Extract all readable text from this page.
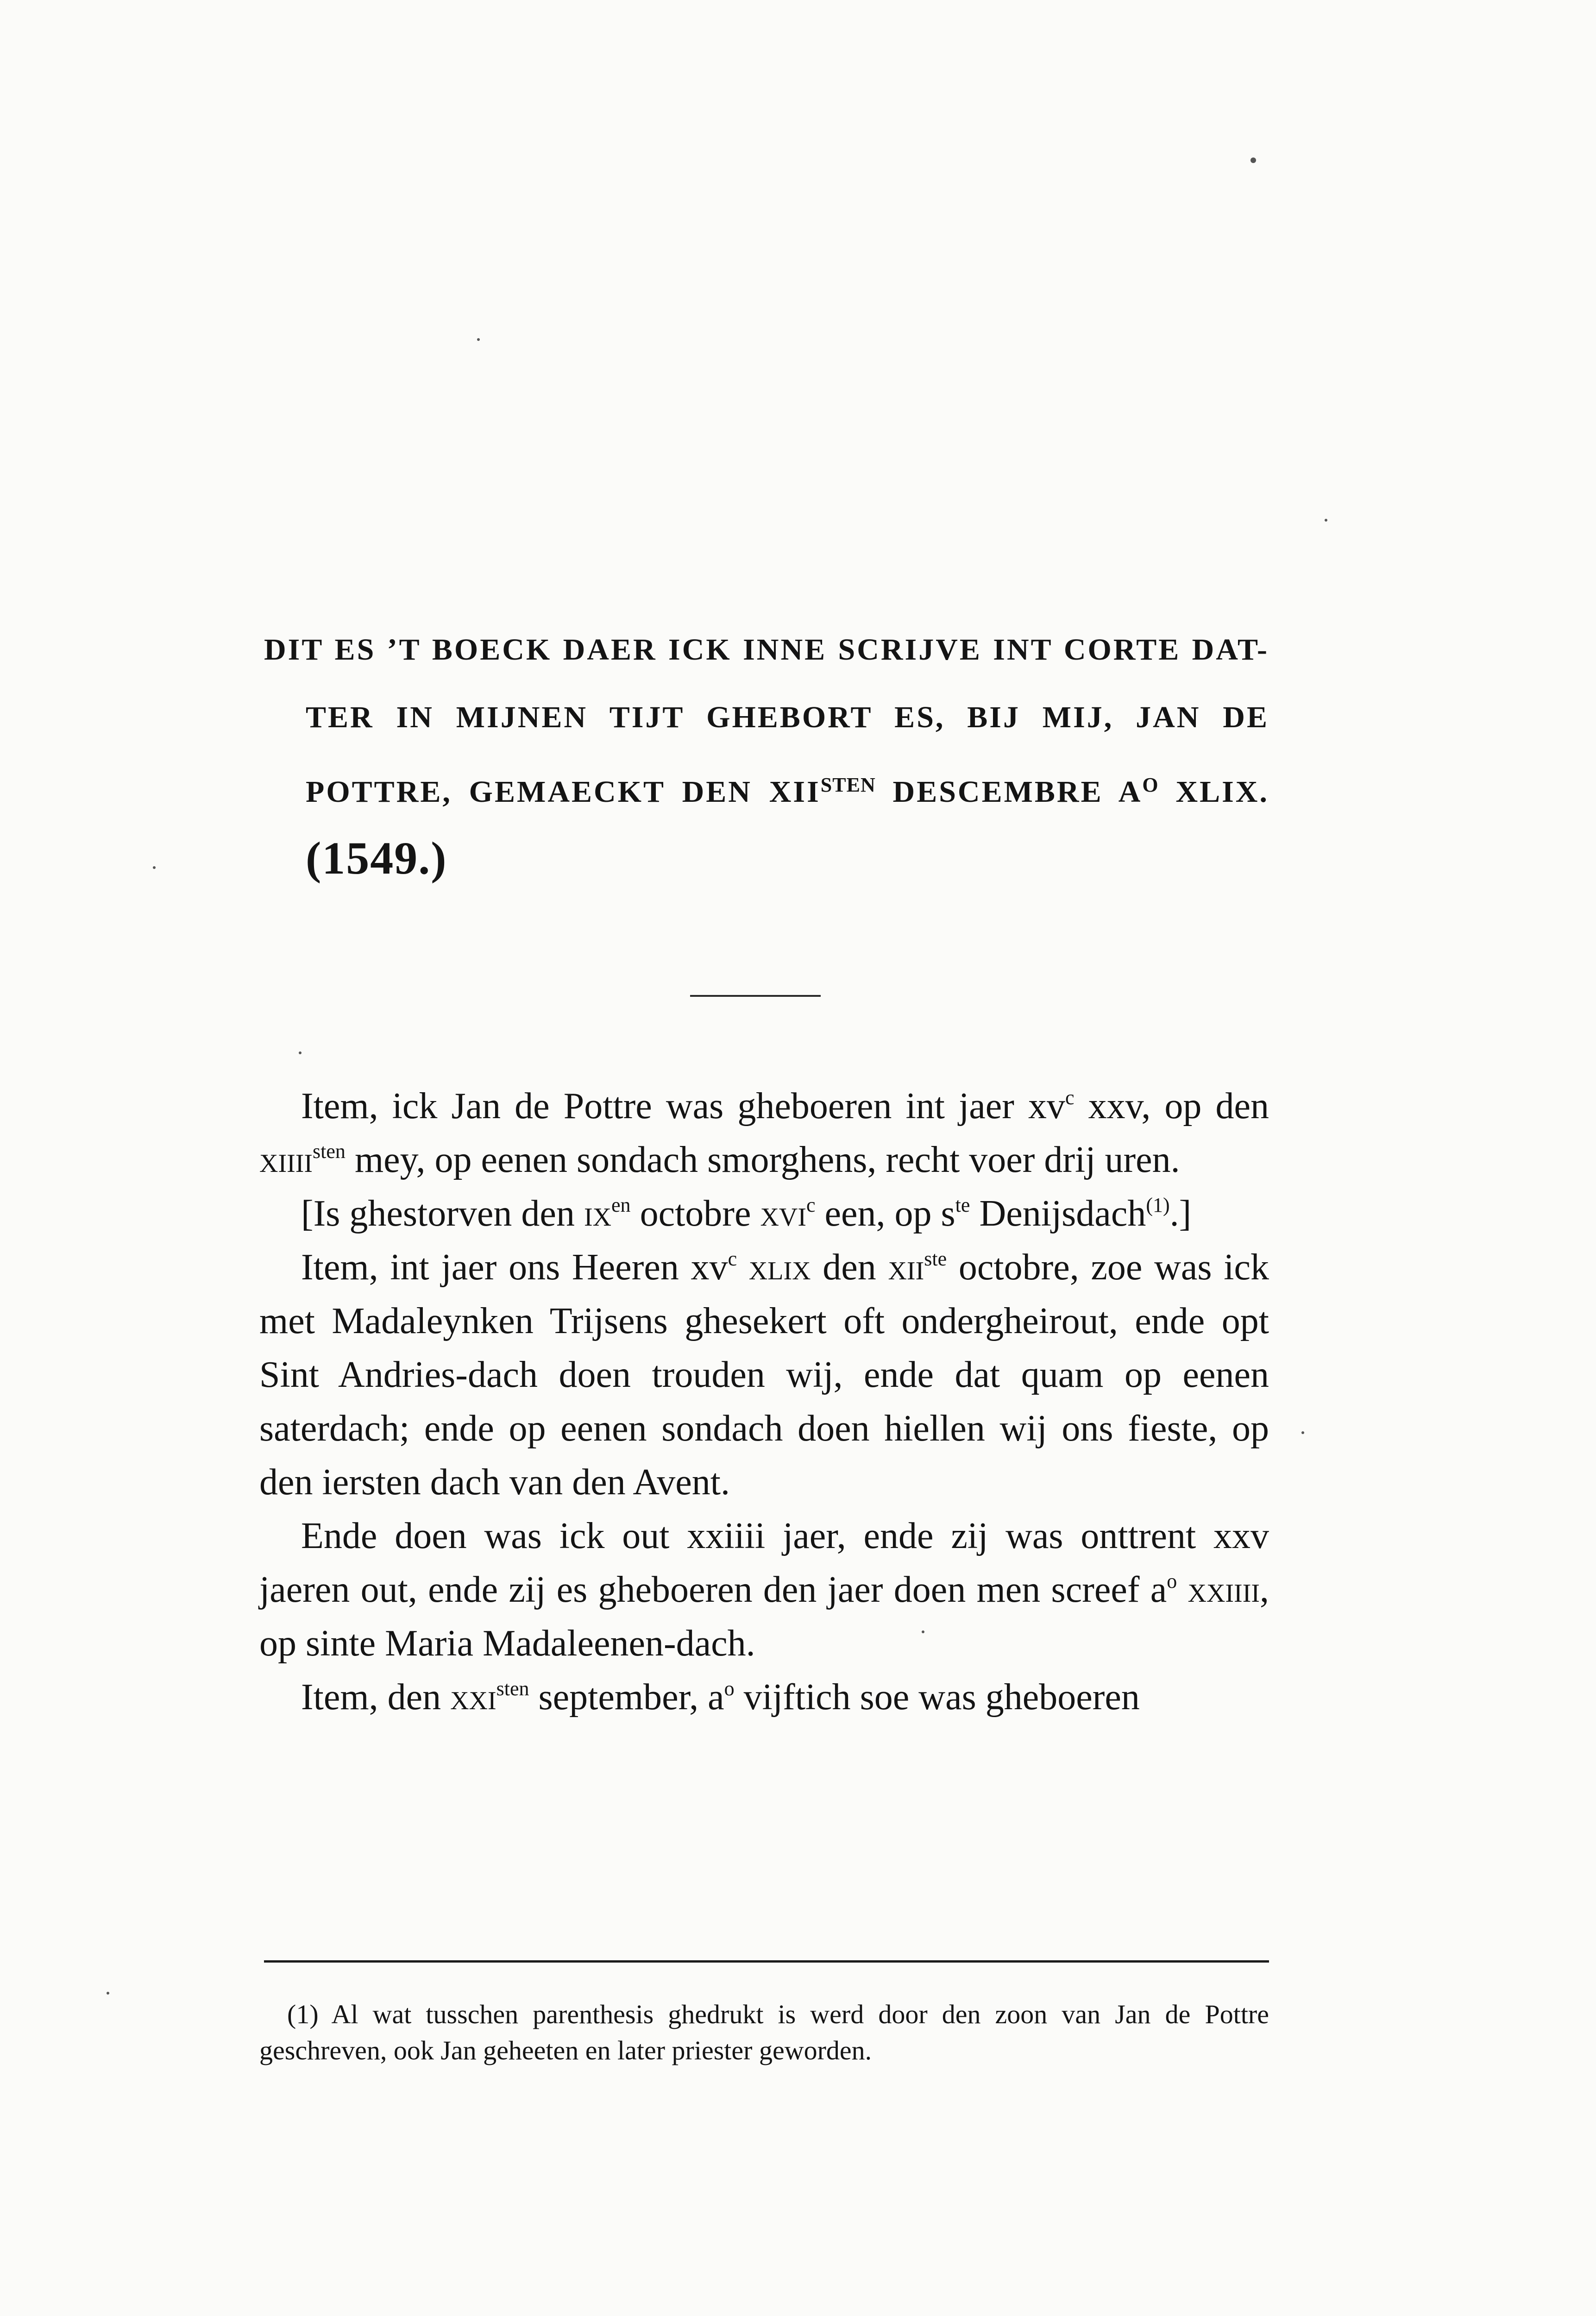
DIT ES ’T BOECK DAER ICK INNE SCRIJVE INT CORTE DAT-
TER IN MIJNEN TIJT GHEBORT ES, BIJ MIJ, JAN DE
POTTRE, GEMAECKT DEN $XII^{STEN}$ DESCEMBRE $A^O$ XLIX.
(1549.)

Item, ick Jan de Pottre was gheboeren int jaer $xv^c$ xxv, op den xiiii$^{sten}$ mey, op eenen sondach smorghens, recht voer drij uren.

[Is ghestorven den $ix^{en}$ octobre xvi$^c$ een, op $s^{te}$ Denijsdach$^{(1)}$.]

Item, int jaer ons Heeren $xv^c$ xlix den xii$^{ste}$ octobre, zoe was ick met Madaleynken Trijsens ghesekert oft ondergheirout, ende opt Sint Andries-dach doen trouden wij, ende dat quam op eenen saterdach; ende op eenen sondach doen hiellen wij ons fieste, op den iersten dach van den Avent.

Ende doen was ick out xxiiii jaer, ende zij was onttrent xxv jaeren out, ende zij es gheboeren den jaer doen men screef $a^o$ xxiiii, op sinte Maria Madaleenen-dach.

Item, den xxi$^{sten}$ september, $a^o$ vijftich soe was gheboeren

(1) Al wat tusschen parenthesis ghedrukt is werd door den zoon van Jan de Pottre geschreven, ook Jan geheeten en later priester geworden.
